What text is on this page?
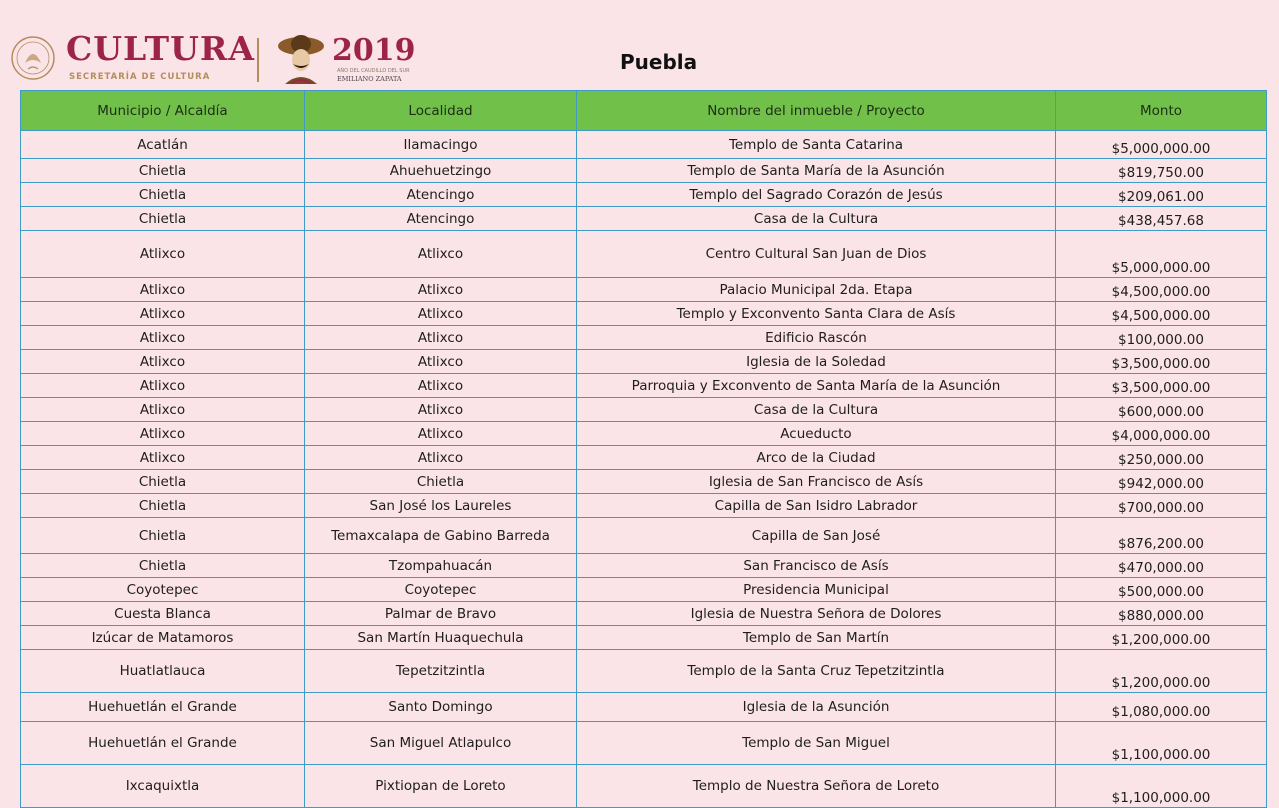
CULTURA
SECRETARÍA DE CULTURA
2019
AÑO DEL CAUDILLO DEL SUR
EMILIANO ZAPATA
Puebla
Municipio / Alcaldía	Localidad	Nombre del inmueble / Proyecto	Monto
Acatlán	Ilamacingo	Templo de Santa Catarina	$5,000,000.00
Chietla	Ahuehuetzingo	Templo de Santa María de la Asunción	$819,750.00
Chietla	Atencingo	Templo del Sagrado Corazón de Jesús	$209,061.00
Chietla	Atencingo	Casa de la Cultura	$438,457.68
Atlixco	Atlixco	Centro Cultural San Juan de Dios	$5,000,000.00
Atlixco	Atlixco	Palacio Municipal 2da. Etapa	$4,500,000.00
Atlixco	Atlixco	Templo y Exconvento Santa Clara de Asís	$4,500,000.00
Atlixco	Atlixco	Edificio Rascón	$100,000.00
Atlixco	Atlixco	Iglesia de la Soledad	$3,500,000.00
Atlixco	Atlixco	Parroquia y Exconvento de Santa María de la Asunción	$3,500,000.00
Atlixco	Atlixco	Casa de la Cultura	$600,000.00
Atlixco	Atlixco	Acueducto	$4,000,000.00
Atlixco	Atlixco	Arco de la Ciudad	$250,000.00
Chietla	Chietla	Iglesia de San Francisco de Asís	$942,000.00
Chietla	San José los Laureles	Capilla de San Isidro Labrador	$700,000.00
Chietla	Temaxcalapa de Gabino Barreda	Capilla de San José	$876,200.00
Chietla	Tzompahuacán	San Francisco de Asís	$470,000.00
Coyotepec	Coyotepec	Presidencia Municipal	$500,000.00
Cuesta Blanca	Palmar de Bravo	Iglesia de Nuestra Señora de Dolores	$880,000.00
Izúcar de Matamoros	San Martín Huaquechula	Templo de San Martín	$1,200,000.00
Huatlatlauca	Tepetzitzintla	Templo de la Santa Cruz Tepetzitzintla	$1,200,000.00
Huehuetlán el Grande	Santo Domingo	Iglesia de la Asunción	$1,080,000.00
Huehuetlán el Grande	San Miguel Atlapulco	Templo de San Miguel	$1,100,000.00
Ixcaquixtla	Pixtiopan de Loreto	Templo de Nuestra Señora de Loreto	$1,100,000.00
